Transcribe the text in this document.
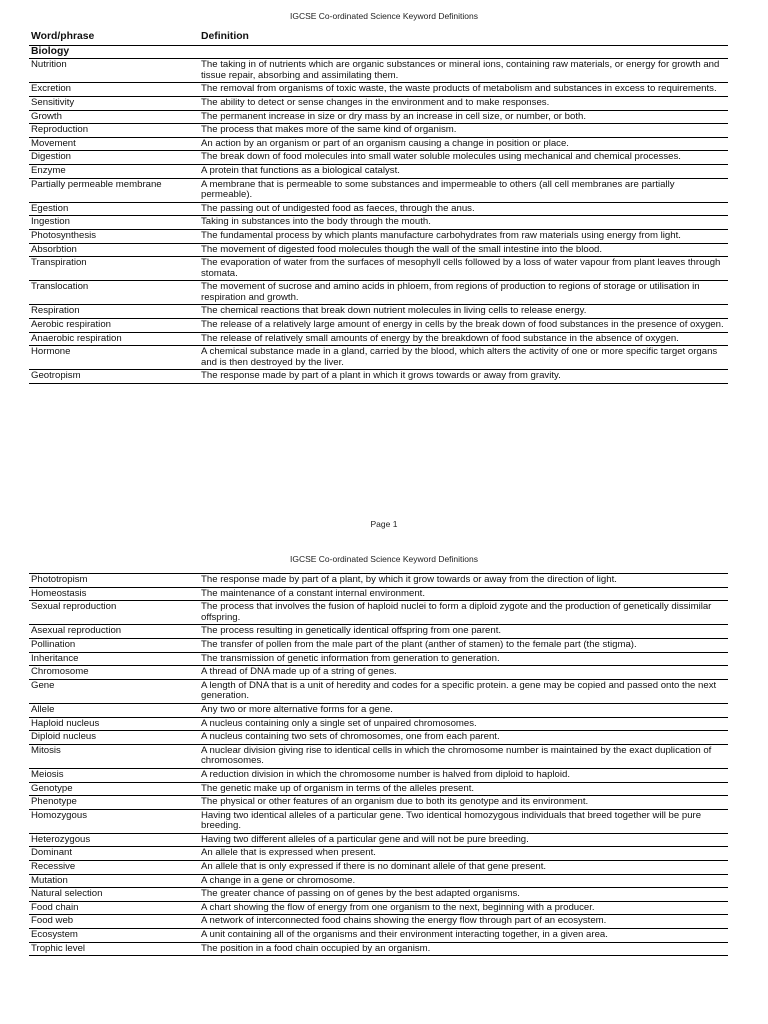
IGCSE Co-ordinated Science Keyword Definitions
Word/phrase	Definition
Biology	
Nutrition	The taking in of nutrients which are organic substances or mineral ions, containing raw materials, or energy for growth and tissue repair, absorbing and assimilating them.
Excretion	The removal from organisms of toxic waste, the waste products of metabolism and substances in excess to requirements.
Sensitivity	The ability to detect or sense changes in the environment and to make responses.
Growth	The permanent increase in size or dry mass by an increase in cell size, or number, or both.
Reproduction	The process that makes more of the same kind of organism.
Movement	An action by an organism or part of an organism causing a change in position or place.
Digestion	The break down of food molecules into small water soluble molecules using mechanical and chemical processes.
Enzyme	A protein that functions as a biological catalyst.
Partially permeable membrane	A membrane that is permeable to some substances and impermeable to others (all cell membranes are partially permeable).
Egestion	The passing out of undigested food as faeces, through the anus.
Ingestion	Taking in substances into the body through the mouth.
Photosynthesis	The fundamental process by which plants manufacture carbohydrates from raw materials using energy from light.
Absorbtion	The movement of digested food molecules though the wall of the small intestine into the blood.
Transpiration	The evaporation of water from the surfaces of mesophyll cells followed by a loss of water vapour from plant leaves through stomata.
Translocation	The movement of sucrose and amino acids in phloem, from regions of production to regions of storage or utilisation in respiration and growth.
Respiration	The chemical reactions that break down nutrient molecules in living cells to release energy.
Aerobic respiration	The release of a relatively large amount of energy in cells by the break down of food substances in the presence of oxygen.
Anaerobic respiration	The release of relatively small amounts of energy by the breakdown of food substance in the absence of oxygen.
Hormone	A chemical substance made in a gland, carried by the blood, which alters the activity of one or more specific target organs and is then destroyed by the liver.
Geotropism	The response made by part of a plant in which it grows towards or away from gravity.
Page 1
IGCSE Co-ordinated Science Keyword Definitions
Phototropism	The response made by part of a plant, by which it grow towards or away from the direction of light.
Homeostasis	The maintenance of a constant internal environment.
Sexual reproduction	The process that involves the fusion of haploid nuclei to form a diploid zygote and the production of genetically dissimilar offspring.
Asexual reproduction	The process resulting in genetically identical offspring from one parent.
Pollination	The transfer of pollen from the male part of the plant (anther of stamen) to the female part (the stigma).
Inheritance	The transmission of genetic information from generation to generation.
Chromosome	A thread of DNA made up of a string of genes.
Gene	A length of DNA that is a unit of heredity and codes for a specific protein. a gene may be copied and passed onto the next generation.
Allele	Any two or more alternative forms for a gene.
Haploid nucleus	A nucleus containing only a single set of unpaired chromosomes.
Diploid nucleus	A nucleus containing two sets of chromosomes, one from each parent.
Mitosis	A nuclear division giving rise to identical cells in which the chromosome number is maintained by the exact duplication of chromosomes.
Meiosis	A reduction division in which the chromosome number is halved from diploid to haploid.
Genotype	The genetic make up of organism in terms of the alleles present.
Phenotype	The physical or other features of an organism due to both its genotype and its environment.
Homozygous	Having two identical alleles of a particular gene. Two identical homozygous individuals that breed together will be pure breeding.
Heterozygous	Having two different alleles of a particular gene and will not be pure breeding.
Dominant	An allele that is expressed when present.
Recessive	An allele that is only expressed if there is no dominant allele of that gene present.
Mutation	A change in a gene or chromosome.
Natural selection	The greater chance of passing on of genes by the best adapted organisms.
Food chain	A chart showing the flow of energy from one organism to the next, beginning with a producer.
Food web	A network of interconnected food chains showing the energy flow through part of an ecosystem.
Ecosystem	A unit containing all of the organisms and their environment interacting together, in a given area.
Trophic level	The position in a food chain occupied by an organism.
